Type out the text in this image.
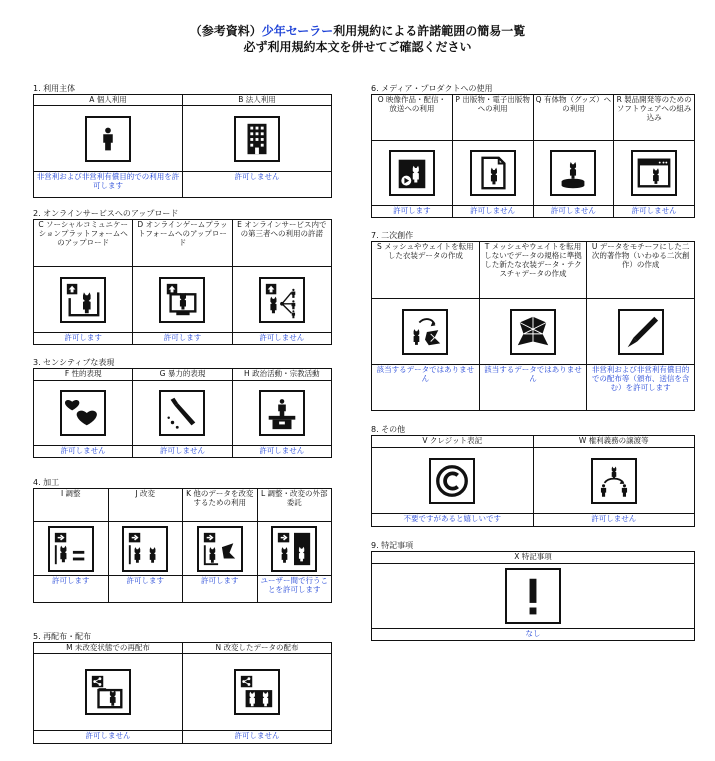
（参考資料）少年セーラー利用規約による許諾範囲の簡易一覧
必ず利用規約本文を併せてご確認ください
1. 利用主体
A 個人利用
非営利および非営利有償目的での利用を許可します
B 法人利用
許可しません
2. オンラインサービスへのアップロード
C ソーシャルコミュニケーションプラットフォームへのアップロード
許可します
D オンラインゲームプラットフォームへのアップロード
許可します
E オンラインサービス内での第三者への利用の許諾
許可しません
3. センシティブな表現
F 性的表現
許可しません
G 暴力的表現
許可しません
H 政治活動・宗教活動
許可しません
4. 加工
I 調整
許可します
J 改変
許可します
K 他のデータを改変するための利用
許可します
L 調整・改変の外部委託
ユーザー間で行うことを許可します
5. 再配布・配布
M 未改変状態での再配布
許可しません
N 改変したデータの配布
許可しません
6. メディア・プロダクトへの使用
O 映像作品・配信・放送への利用
許可します
P 出版物・電子出版物への利用
許可しません
Q 有体物（グッズ）への利用
許可しません
R 製品開発等のためのソフトウェアへの組み込み
許可しません
7. 二次創作
S メッシュやウェイトを転用した衣装データの作成
該当するデータではありません
T メッシュやウェイトを転用しないでデータの規格に準拠した新たな衣装データ・テクスチャデータの作成
該当するデータではありません
U データをモチーフにした二次的著作物（いわゆる二次創作）の作成
非営利および非営利有償目的での配布等（頒布、送信を含む）を許可します
8. その他
V クレジット表記
不要ですがあると嬉しいです
W 権利義務の譲渡等
許可しません
9. 特記事項
X 特記事項
なし
